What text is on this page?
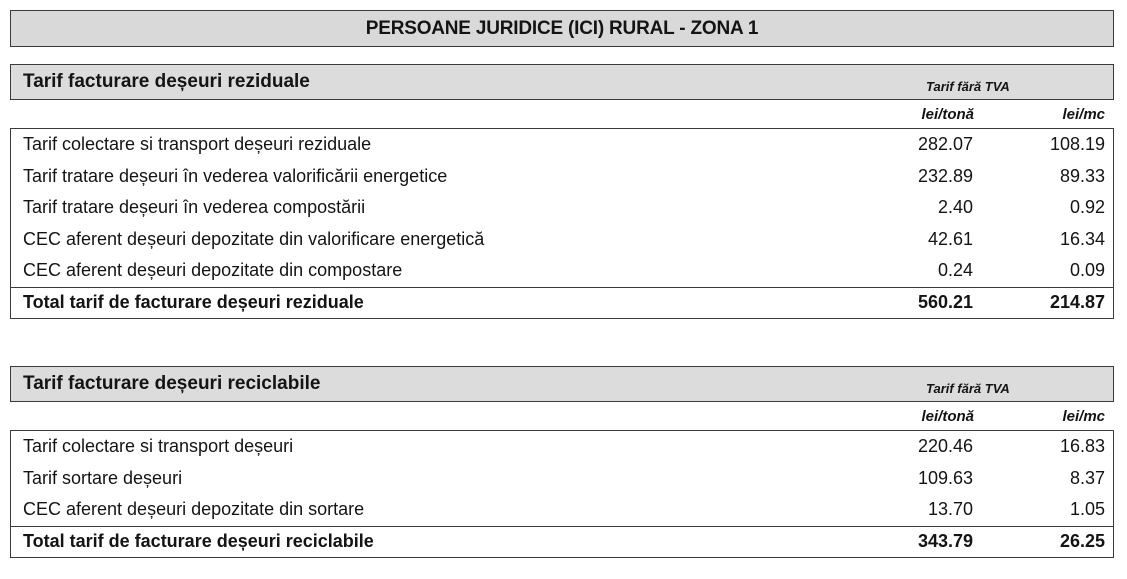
PERSOANE JURIDICE (ICI) RURAL - ZONA 1
Tarif facturare deșeuri reziduale	Tarif fără TVA
lei/tonă	lei/mc
Tarif colectare si transport deșeuri reziduale	282.07	108.19
Tarif tratare deșeuri în vederea valorificării energetice	232.89	89.33
Tarif tratare deșeuri în vederea compostării	2.40	0.92
CEC aferent deșeuri depozitate din valorificare energetică	42.61	16.34
CEC aferent deșeuri depozitate din compostare	0.24	0.09
Total tarif de facturare deșeuri reziduale	560.21	214.87
Tarif facturare deșeuri reciclabile	Tarif fără TVA
lei/tonă	lei/mc
Tarif colectare si transport deșeuri	220.46	16.83
Tarif sortare deșeuri	109.63	8.37
CEC aferent deșeuri depozitate din sortare	13.70	1.05
Total tarif de facturare deșeuri reciclabile	343.79	26.25
